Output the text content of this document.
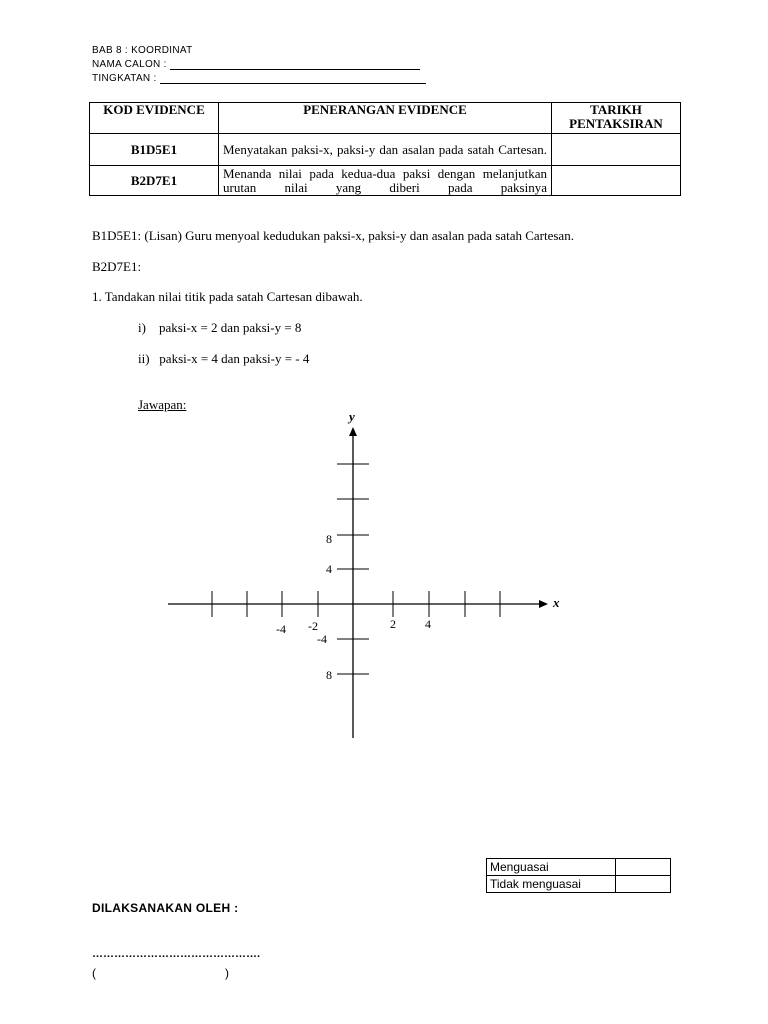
BAB 8 : KOORDINAT
NAMA CALON :
TINGKATAN :
KOD EVIDENCE	PENERANGAN EVIDENCE	TARIKH PENTAKSIRAN
B1D5E1	Menyatakan paksi-x, paksi-y dan asalan pada satah Cartesan.	
B2D7E1	Menanda nilai pada kedua-dua paksi dengan melanjutkan urutan nilai yang diberi pada paksinya	
B1D5E1: (Lisan) Guru menyoal kedudukan paksi-x, paksi-y dan asalan pada satah Cartesan.
B2D7E1:
1. Tandakan nilai titik pada satah Cartesan dibawah.
i)    paksi-x = 2 dan paksi-y = 8
ii)   paksi-x = 4 dan paksi-y = - 4
Jawapan:
y
x
-4 -2	2 4
8
4
-4
8
Menguasai	
Tidak menguasai	
DILAKSANAKAN OLEH :
……………………………………….
(	)
